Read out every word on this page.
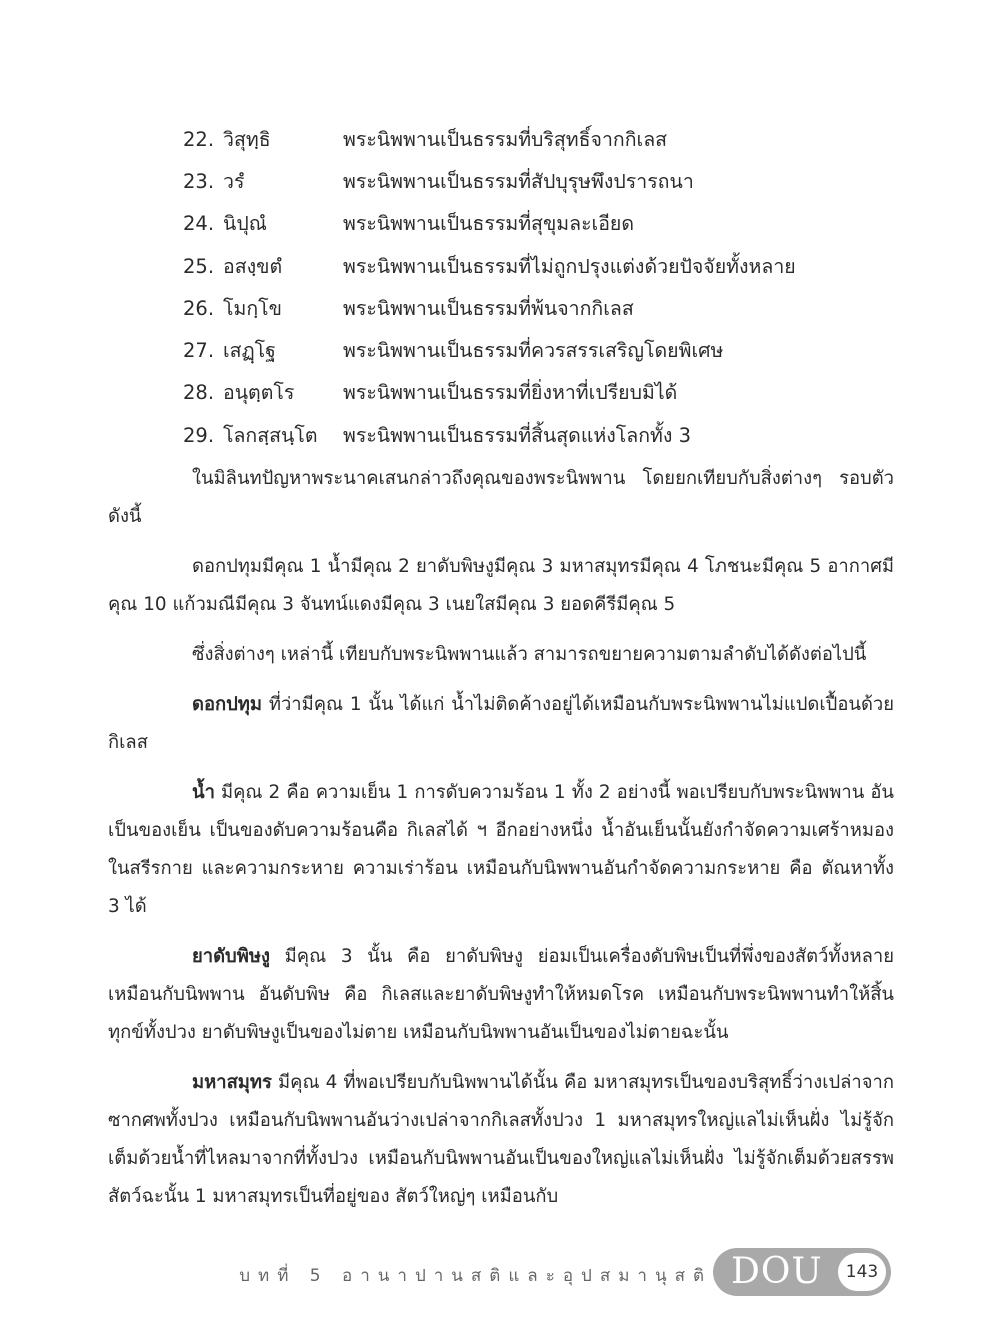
22. วิสุทฺธิ	พระนิพพานเป็นธรรมที่บริสุทธิ์จากกิเลส
23. วรํ	พระนิพพานเป็นธรรมที่สัปบุรุษพึงปรารถนา
24. นิปุณํ	พระนิพพานเป็นธรรมที่สุขุมละเอียด
25. อสงฺขตํ	พระนิพพานเป็นธรรมที่ไม่ถูกปรุงแต่งด้วยปัจจัยทั้งหลาย
26. โมกฺโข	พระนิพพานเป็นธรรมที่พ้นจากกิเลส
27. เสฏฺโฐ	พระนิพพานเป็นธรรมที่ควรสรรเสริญโดยพิเศษ
28. อนุตฺตโร	พระนิพพานเป็นธรรมที่ยิ่งหาที่เปรียบมิได้
29. โลกสฺสนฺโต	พระนิพพานเป็นธรรมที่สิ้นสุดแห่งโลกทั้ง 3

ในมิลินทปัญหาพระนาคเสนกล่าวถึงคุณของพระนิพพาน โดยยกเทียบกับสิ่งต่างๆ รอบตัว ดังนี้

ดอกปทุมมีคุณ 1 น้ำมีคุณ 2 ยาดับพิษงูมีคุณ 3 มหาสมุทรมีคุณ 4 โภชนะมีคุณ 5 อากาศมีคุณ 10 แก้วมณีมีคุณ 3 จันทน์แดงมีคุณ 3 เนยใสมีคุณ 3 ยอดคีรีมีคุณ 5

ซึ่งสิ่งต่างๆ เหล่านี้ เทียบกับพระนิพพานแล้ว สามารถขยายความตามลำดับได้ดังต่อไปนี้

ดอกปทุม ที่ว่ามีคุณ 1 นั้น ได้แก่ น้ำไม่ติดค้างอยู่ได้เหมือนกับพระนิพพานไม่แปดเปื้อนด้วยกิเลส

น้ำ มีคุณ 2 คือ ความเย็น 1 การดับความร้อน 1 ทั้ง 2 อย่างนี้ พอเปรียบกับพระนิพพาน อันเป็นของเย็น เป็นของดับความร้อนคือ กิเลสได้ ฯ อีกอย่างหนึ่ง น้ำอันเย็นนั้นยังกำจัดความเศร้าหมองในสรีรกาย และความกระหาย ความเร่าร้อน เหมือนกับนิพพานอันกำจัดความกระหาย คือ ตัณหาทั้ง 3 ได้

ยาดับพิษงู มีคุณ 3 นั้น คือ ยาดับพิษงู ย่อมเป็นเครื่องดับพิษเป็นที่พึ่งของสัตว์ทั้งหลายเหมือนกับนิพพาน อันดับพิษ คือ กิเลสและยาดับพิษงูทำให้หมดโรค เหมือนกับพระนิพพานทำให้สิ้นทุกข์ทั้งปวง ยาดับพิษงูเป็นของไม่ตาย เหมือนกับนิพพานอันเป็นของไม่ตายฉะนั้น

มหาสมุทร มีคุณ 4 ที่พอเปรียบกับนิพพานได้นั้น คือ มหาสมุทรเป็นของบริสุทธิ์ว่างเปล่าจากซากศพทั้งปวง เหมือนกับนิพพานอันว่างเปล่าจากกิเลสทั้งปวง 1 มหาสมุทรใหญ่แลไม่เห็นฝั่ง ไม่รู้จักเต็มด้วยน้ำที่ไหลมาจากที่ทั้งปวง เหมือนกับนิพพานอันเป็นของใหญ่แลไม่เห็นฝั่ง ไม่รู้จักเต็มด้วยสรรพสัตว์ฉะนั้น 1 มหาสมุทรเป็นที่อยู่ของ สัตว์ใหญ่ๆ เหมือนกับ

บทที่ 5 อานาปานสติและอุปสมานุสติ DOU	143
